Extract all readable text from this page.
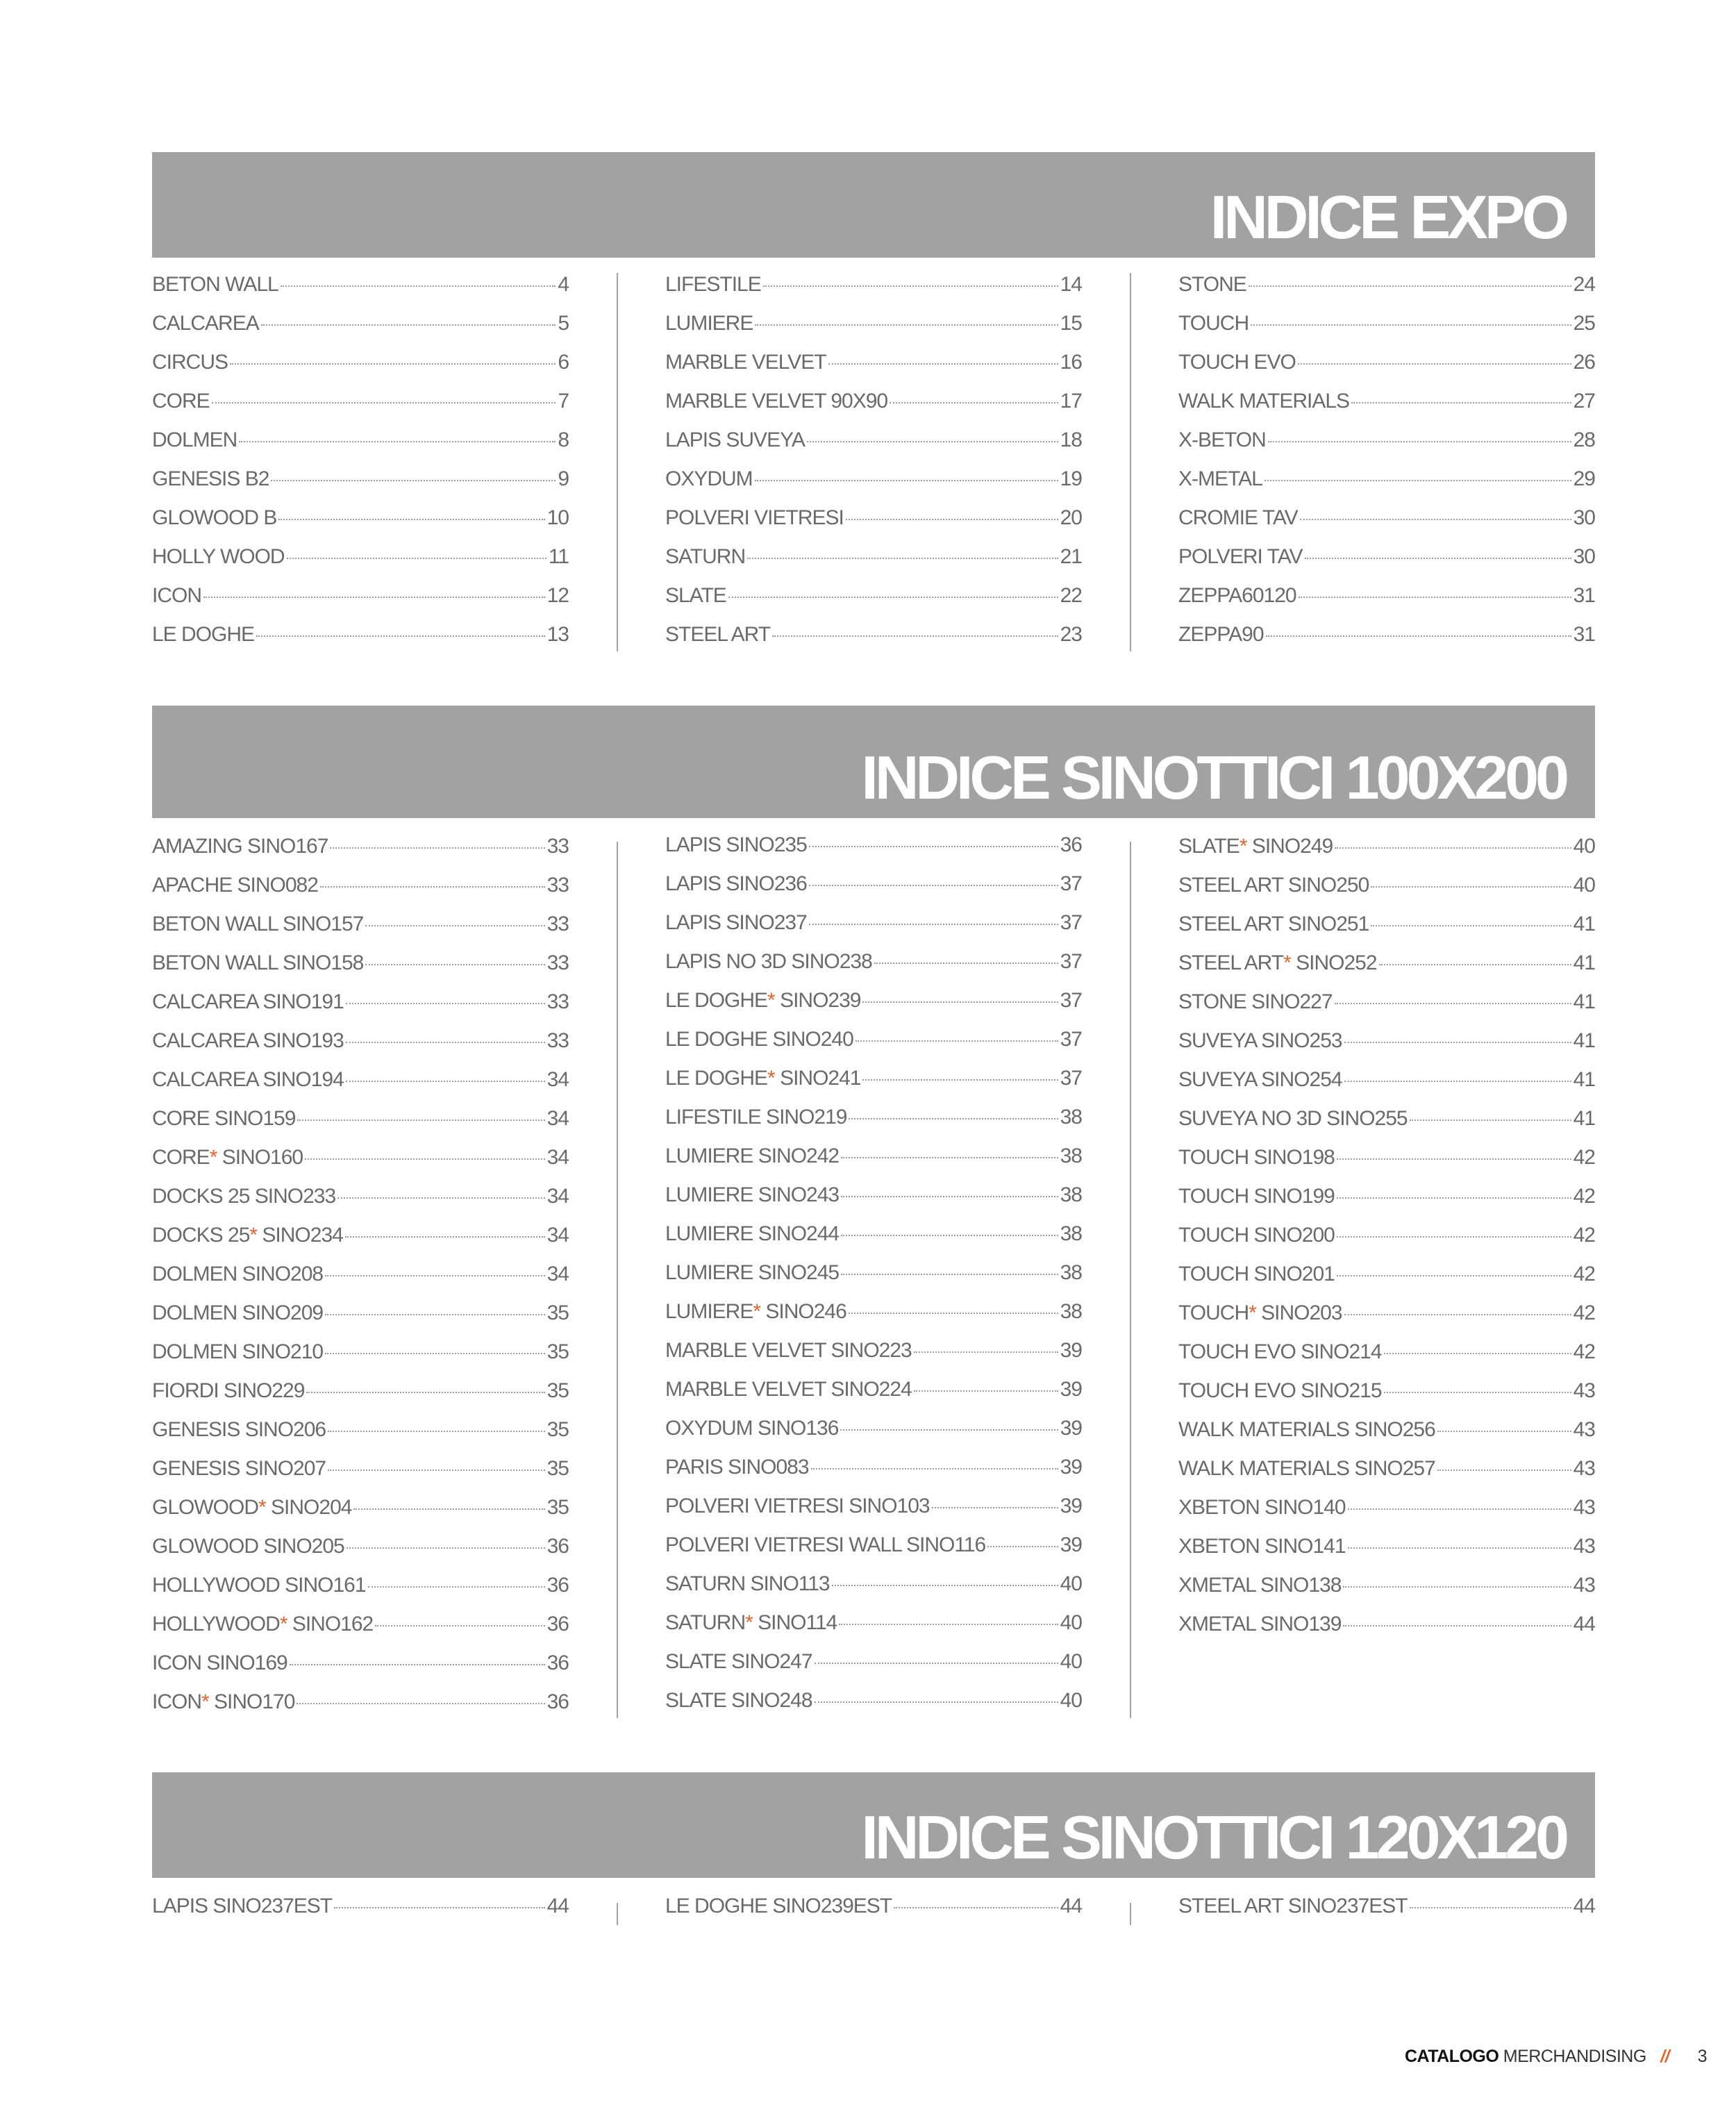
INDICE EXPO
BETON WALL	4
CALCAREA	5
CIRCUS	6
CORE	7
DOLMEN	8
GENESIS B2	9
GLOWOOD B	10
HOLLY WOOD	11
ICON	12
LE DOGHE	13
LIFESTILE	14
LUMIERE	15
MARBLE VELVET	16
MARBLE VELVET 90X90	17
LAPIS SUVEYA	18
OXYDUM	19
POLVERI VIETRESI	20
SATURN	21
SLATE	22
STEEL ART	23
STONE	24
TOUCH	25
TOUCH EVO	26
WALK MATERIALS	27
X-BETON	28
X-METAL	29
CROMIE TAV	30
POLVERI TAV	30
ZEPPA60120	31
ZEPPA90	31
INDICE SINOTTICI 100X200
AMAZING SINO167	33
APACHE SINO082	33
BETON WALL SINO157	33
BETON WALL SINO158	33
CALCAREA SINO191	33
CALCAREA SINO193	33
CALCAREA SINO194	34
CORE SINO159	34
CORE* SINO160	34
DOCKS 25 SINO233	34
DOCKS 25* SINO234	34
DOLMEN SINO208	34
DOLMEN SINO209	35
DOLMEN SINO210	35
FIORDI SINO229	35
GENESIS SINO206	35
GENESIS SINO207	35
GLOWOOD* SINO204	35
GLOWOOD SINO205	36
HOLLYWOOD SINO161	36
HOLLYWOOD* SINO162	36
ICON SINO169	36
ICON* SINO170	36
LAPIS SINO235	36
LAPIS SINO236	37
LAPIS SINO237	37
LAPIS NO 3D SINO238	37
LE DOGHE* SINO239	37
LE DOGHE SINO240	37
LE DOGHE* SINO241	37
LIFESTILE SINO219	38
LUMIERE SINO242	38
LUMIERE SINO243	38
LUMIERE SINO244	38
LUMIERE SINO245	38
LUMIERE* SINO246	38
MARBLE VELVET SINO223	39
MARBLE VELVET SINO224	39
OXYDUM SINO136	39
PARIS SINO083	39
POLVERI VIETRESI SINO103	39
POLVERI VIETRESI WALL SINO116	39
SATURN SINO113	40
SATURN* SINO114	40
SLATE SINO247	40
SLATE SINO248	40
SLATE* SINO249	40
STEEL ART SINO250	40
STEEL ART SINO251	41
STEEL ART* SINO252	41
STONE SINO227	41
SUVEYA SINO253	41
SUVEYA SINO254	41
SUVEYA NO 3D SINO255	41
TOUCH SINO198	42
TOUCH SINO199	42
TOUCH SINO200	42
TOUCH SINO201	42
TOUCH* SINO203	42
TOUCH EVO SINO214	42
TOUCH EVO SINO215	43
WALK MATERIALS SINO256	43
WALK MATERIALS SINO257	43
XBETON SINO140	43
XBETON SINO141	43
XMETAL SINO138	43
XMETAL SINO139	44
INDICE SINOTTICI 120X120
LAPIS SINO237EST	44	LE DOGHE SINO239EST	44	STEEL ART SINO237EST	44
CATALOGO MERCHANDISING // 3
